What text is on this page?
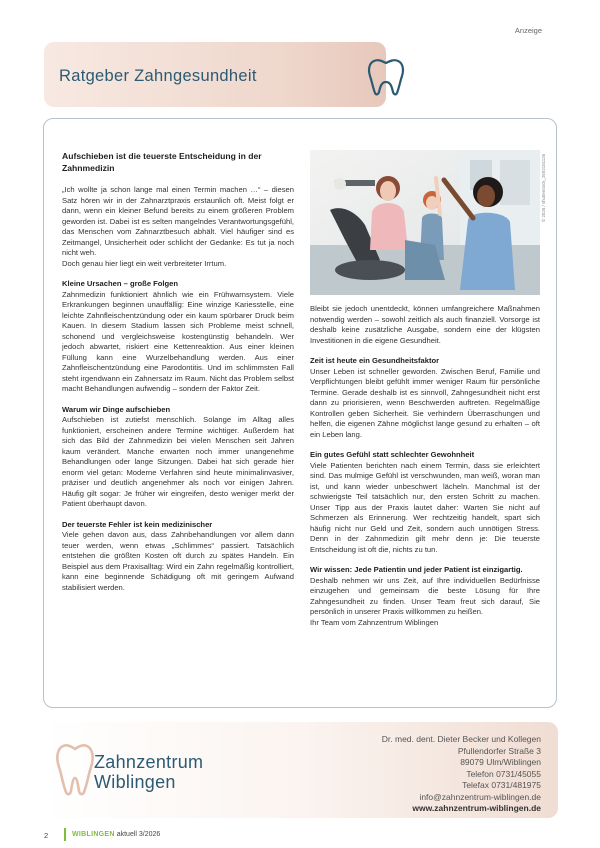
Anzeige
Ratgeber Zahngesundheit
Aufschieben ist die teuerste Entscheidung in der Zahnmedizin

„Ich wollte ja schon lange mal einen Termin machen …“ – diesen Satz hören wir in der Zahnarztpraxis erstaunlich oft. Meist folgt er dann, wenn ein kleiner Befund bereits zu einem größeren Problem geworden ist. Dabei ist es selten mangelndes Verantwortungsgefühl, das Menschen vom Zahnarztbesuch abhält. Viel häufiger sind es Zeitmangel, Unsicherheit oder schlicht der Gedanke: Es tut ja noch nicht weh.

Doch genau hier liegt ein weit verbreiteter Irrtum.

Kleine Ursachen – große Folgen

Zahnmedizin funktioniert ähnlich wie ein Frühwarnsystem. Viele Erkrankungen beginnen unauffällig: Eine winzige Kariesstelle, eine leichte Zahnfleischentzündung oder ein kaum spürbarer Druck beim Kauen. In diesem Stadium lassen sich Probleme meist schnell, schonend und vergleichsweise kostengünstig behandeln. Wer jedoch abwartet, riskiert eine Kettenreaktion. Aus einer kleinen Füllung kann eine Wurzelbehandlung werden. Aus einer Zahnfleischentzündung eine Parodontitis. Und im schlimmsten Fall steht irgendwann ein Zahnersatz im Raum. Nicht das Problem selbst macht Behandlungen aufwendig – sondern der Faktor Zeit.

Warum wir Dinge aufschieben

Aufschieben ist zutiefst menschlich. Solange im Alltag alles funktioniert, erscheinen andere Termine wichtiger. Außerdem hat sich das Bild der Zahnmedizin bei vielen Menschen seit Jahren kaum verändert. Manche erwarten noch immer unangenehme Behandlungen oder lange Sitzungen. Dabei hat sich gerade hier enorm viel getan: Moderne Verfahren sind heute minimalinvasiver, präziser und deutlich angenehmer als noch vor einigen Jahren. Häufig gilt sogar: Je früher wir eingreifen, desto weniger merkt der Patient überhaupt davon.

Der teuerste Fehler ist kein medizinischer

Viele gehen davon aus, dass Zahnbehandlungen vor allem dann teuer werden, wenn etwas „Schlimmes“ passiert. Tatsächlich entstehen die größten Kosten oft durch zu spätes Handeln. Ein Beispiel aus dem Praxisalltag: Wird ein Zahn regelmäßig kontrolliert, kann eine beginnende Schädigung oft mit geringem Aufwand stabilisiert werden.

© 2025 / shutterstock_2692151126

Bleibt sie jedoch unentdeckt, können umfangreichere Maßnahmen notwendig werden – sowohl zeitlich als auch finanziell. Vorsorge ist deshalb keine zusätzliche Ausgabe, sondern eine der klügsten Investitionen in die eigene Gesundheit.

Zeit ist heute ein Gesundheitsfaktor

Unser Leben ist schneller geworden. Zwischen Beruf, Familie und Verpflichtungen bleibt gefühlt immer weniger Raum für persönliche Termine. Gerade deshalb ist es sinnvoll, Zahngesundheit nicht erst dann zu priorisieren, wenn Beschwerden auftreten. Regelmäßige Kontrollen geben Sicherheit. Sie verhindern Überraschungen und helfen, die eigenen Zähne möglichst lange gesund zu erhalten – oft ein Leben lang.

Ein gutes Gefühl statt schlechter Gewohnheit

Viele Patienten berichten nach einem Termin, dass sie erleichtert sind. Das mulmige Gefühl ist verschwunden, man weiß, woran man ist, und kann wieder unbeschwert lächeln. Manchmal ist der schwierigste Teil tatsächlich nur, den ersten Schritt zu machen. Unser Tipp aus der Praxis lautet daher: Warten Sie nicht auf Schmerzen als Erinnerung. Wer rechtzeitig handelt, spart sich häufig nicht nur Geld und Zeit, sondern auch unnötigen Stress. Denn in der Zahnmedizin gilt mehr denn je: Die teuerste Entscheidung ist oft die, nichts zu tun.

Wir wissen: Jede Patientin und jeder Patient ist einzigartig.

Deshalb nehmen wir uns Zeit, auf Ihre individuellen Bedürfnisse einzugehen und gemeinsam die beste Lösung für Ihre Zahngesundheit zu finden. Unser Team freut sich darauf, Sie persönlich in unserer Praxis willkommen zu heißen.

Ihr Team vom Zahnzentrum Wiblingen

Zahnzentrum
Wiblingen
Dr. med. dent. Dieter Becker und Kollegen
Pfullendorfer Straße 3
89079 Ulm/Wiblingen
Telefon 0731/45055
Telefax 0731/481975
info@zahnzentrum-wiblingen.de
www.zahnzentrum-wiblingen.de
2	WIBLINGEN aktuell 3/2026
